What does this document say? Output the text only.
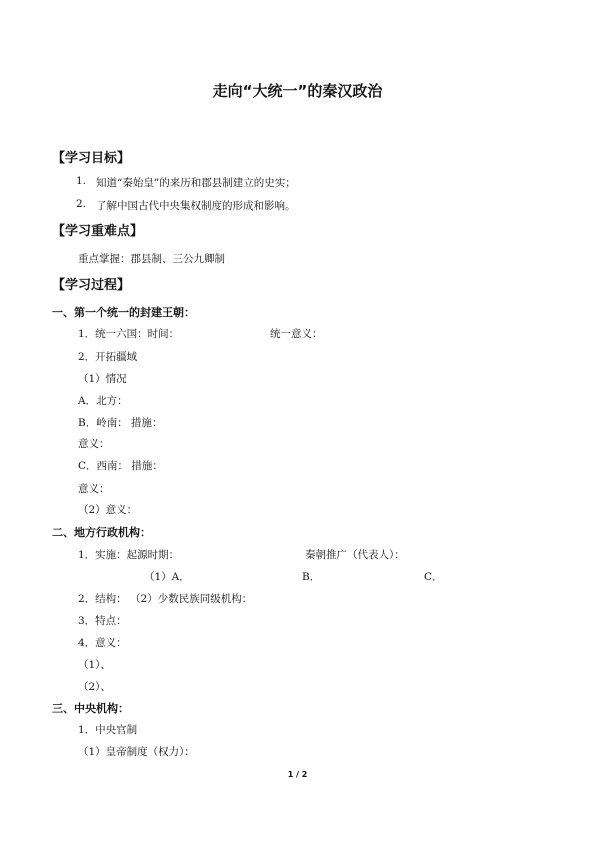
走向“大统一”的秦汉政治
【学习目标】
1. 知道“秦始皇”的来历和郡县制建立的史实；
2. 了解中国古代中央集权制度的形成和影响。
【学习重难点】
重点掌握：郡县制、三公九卿制
【学习过程】
一、第一个统一的封建王朝：
1．统一六国：时间：	统一意义：
2．开拓疆域
（1）情况
A．北方：
B．岭南： 措施：
意义：
C．西南： 措施：
意义：
（2）意义：
二、地方行政机构：
1．实施：起源时期：	秦朝推广（代表人）：
（1）A．	B．	C．
2．结构： （2）少数民族同级机构：
3．特点：
4．意义：
（1）、
（2）、
三、中央机构：
1．中央官制
（1）皇帝制度（权力）：
1 / 2
